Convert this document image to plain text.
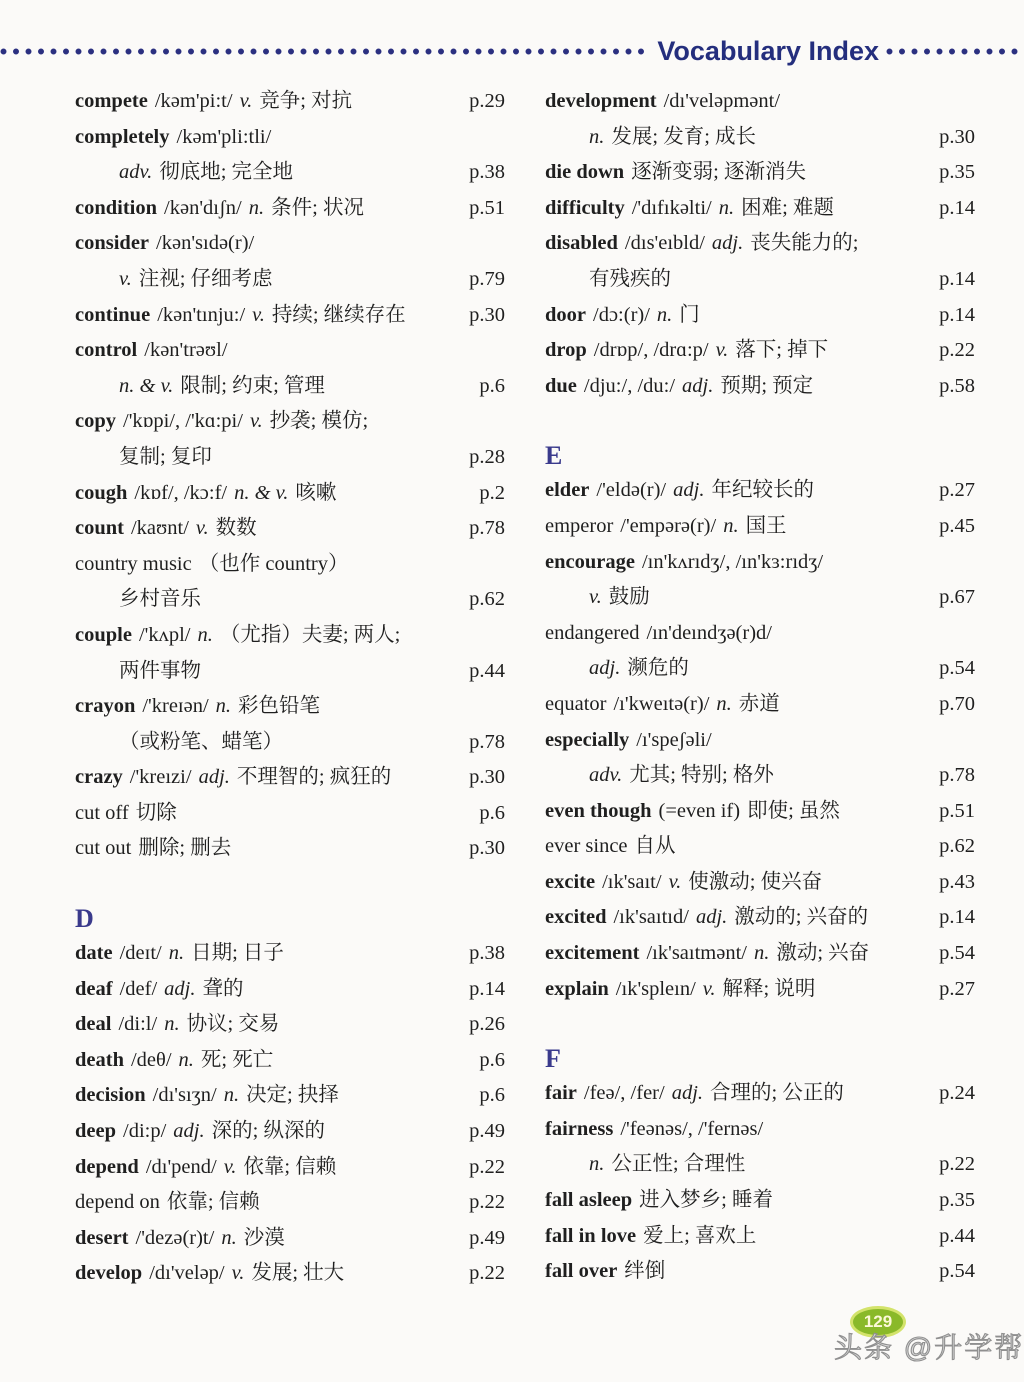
Vocabulary Index
compete /kəm'pi:t/ v. 竞争; 对抗	p.29
completely /kəm'pli:tli/
adv. 彻底地; 完全地	p.38
condition /kən'dıʃn/ n. 条件; 状况	p.51
consider /kən'sıdə(r)/
v. 注视; 仔细考虑	p.79
continue /kən'tınju:/ v. 持续; 继续存在	p.30
control /kən'trəʊl/
n. & v. 限制; 约束; 管理	p.6
copy /'kɒpi/, /'kɑ:pi/ v. 抄袭; 模仿;
复制; 复印	p.28
cough /kɒf/, /kɔ:f/ n. & v. 咳嗽	p.2
count /kaʊnt/ v. 数数	p.78
country music （也作 country）
乡村音乐	p.62
couple /'kʌpl/ n. （尤指）夫妻; 两人;
两件事物	p.44
crayon /'kreɪən/ n. 彩色铅笔
（或粉笔、蜡笔）	p.78
crazy /'kreızi/ adj. 不理智的; 疯狂的	p.30
cut off 切除	p.6
cut out 删除; 删去	p.30
D
date /deɪt/ n. 日期; 日子	p.38
deaf /def/ adj. 聋的	p.14
deal /di:l/ n. 协议; 交易	p.26
death /deθ/ n. 死; 死亡	p.6
decision /dı'sıʒn/ n. 决定; 抉择	p.6
deep /di:p/ adj. 深的; 纵深的	p.49
depend /dı'pend/ v. 依靠; 信赖	p.22
depend on 依靠; 信赖	p.22
desert /'dezə(r)t/ n. 沙漠	p.49
develop /dı'veləp/ v. 发展; 壮大	p.22
development /dı'veləpmənt/
n. 发展; 发育; 成长	p.30
die down 逐渐变弱; 逐渐消失	p.35
difficulty /'dıfıkəlti/ n. 困难; 难题	p.14
disabled /dıs'eıbld/ adj. 丧失能力的;
有残疾的	p.14
door /dɔ:(r)/ n. 门	p.14
drop /drɒp/, /drɑ:p/ v. 落下; 掉下	p.22
due /dju:/, /du:/ adj. 预期; 预定	p.58
E
elder /'eldə(r)/ adj. 年纪较长的	p.27
emperor /'empərə(r)/ n. 国王	p.45
encourage /ın'kʌrıdʒ/, /ın'kɜ:rıdʒ/
v. 鼓励	p.67
endangered /ın'deındʒə(r)d/
adj. 濒危的	p.54
equator /ı'kweıtə(r)/ n. 赤道	p.70
especially /ı'speʃəli/
adv. 尤其; 特别; 格外	p.78
even though (=even if) 即使; 虽然	p.51
ever since 自从	p.62
excite /ık'saıt/ v. 使激动; 使兴奋	p.43
excited /ık'saıtıd/ adj. 激动的; 兴奋的	p.14
excitement /ık'saıtmənt/ n. 激动; 兴奋	p.54
explain /ık'spleın/ v. 解释; 说明	p.27
F
fair /feə/, /fer/ adj. 合理的; 公正的	p.24
fairness /'feənəs/, /'fernəs/
n. 公正性; 合理性	p.22
fall asleep 进入梦乡; 睡着	p.35
fall in love 爱上; 喜欢上	p.44
fall over 绊倒	p.54
129
头条 @升学帮
